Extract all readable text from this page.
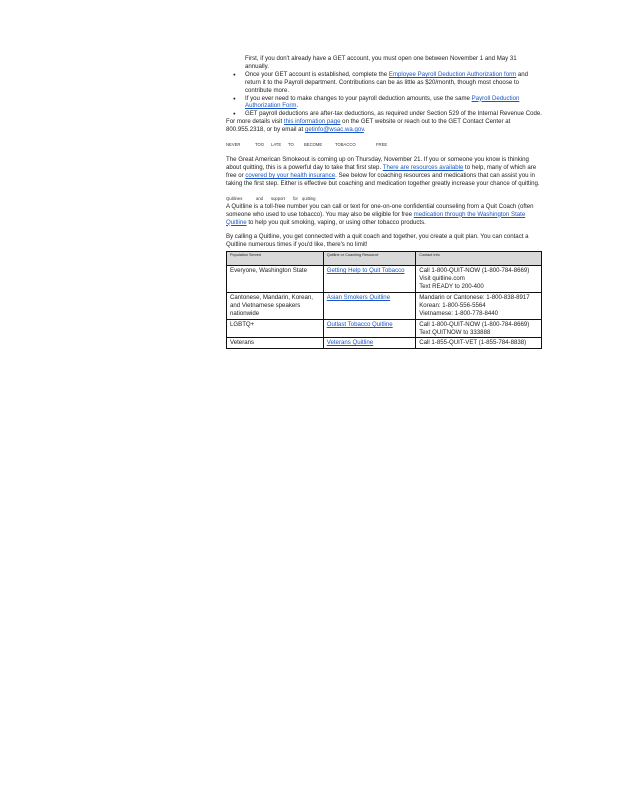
First, if you don't already have a GET account, you must open one between November 1 and May 31 annually.

● Once your GET account is established, complete the Employee Payroll Deduction Authorization form and return it to the Payroll department. Contributions can be as little as $20/month, though most choose to contribute more.
● If you ever need to make changes to your payroll deduction amounts, use the same Payroll Deduction Authorization Form.
● GET payroll deductions are after-tax deductions, as required under Section 529 of the Internal Revenue Code.

For more details visit this information page on the GET website or reach out to the GET Contact Center at 800.955.2318, or by email at getinfo@wsac.wa.gov.

NEVER	TOO	LATE	TO	BECOME	TOBACCO	FREE

The Great American Smokeout is coming up on Thursday, November 21. If you or someone you know is thinking about quitting, this is a powerful day to take that first step. There are resources available to help, many of which are free or covered by your health insurance. See below for coaching resources and medications that can assist you in taking the first step. Either is effective but coaching and medication together greatly increase your chance of quitting.

Quitlines	and	support	for quitting

A Quitline is a toll-free number you can call or text for one-on-one confidential counseling from a Quit Coach (often someone who used to use tobacco). You may also be eligible for free medication through the Washington State Quitline to help you quit smoking, vaping, or using other tobacco products.

By calling a Quitline, you get connected with a quit coach and together, you create a quit plan. You can contact a Quitline numerous times if you'd like, there's no limit!

Population Served	Quitline or Coaching Resource	Contact Info
Everyone, Washington State	Getting Help to Quit Tobacco	Call 1-800-QUIT-NOW (1-800-784-8669)
Visit quitline.com
Text READY to 200-400

Cantonese, Mandarin, Korean, and Vietnamese speakers nationwide	Asian Smokers Quitline	Mandarin or Cantonese: 1-800-838-8917
Korean: 1-800-556-5564
Vietnamese: 1-800-778-8440

LGBTQ+	Outlast Tobacco Quitline	Call 1-800-QUIT-NOW (1-800-784-8669)
Text QUITNOW to 333888

Veterans	Veterans Quitline	Call 1-855-QUIT-VET (1-855-784-8838)
